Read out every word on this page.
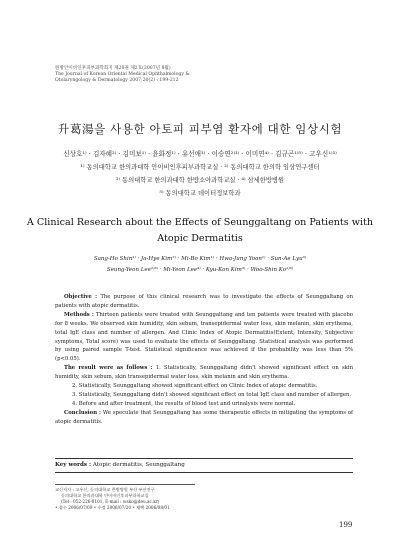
한방안이비인후피부과학회지 제20권 제2호(2007년 8월)
The Journal of Korean Oriental Medical Ophthalmology &
Otolaryngology & Dermatology 2007;20(2) : 199-212
升葛湯을 사용한 아토피 피부염 환자에 대한 임상시험
신상호¹⁾ · 김자혜²⁾ · 김미보¹⁾ · 윤화정¹⁾ · 유선애³⁾ · 이승연²⁾³⁾ · 이미연⁴⁾ · 김규곤¹⁾⁵⁾ · 고우신¹⁾³⁾
¹⁾ 동의대학교 한의과대학 안이비인후피부과학교실 · ²⁾ 동의대학교 한의학 임상연구센터
³⁾ 동의대학교 한의과대학 한방소아과학교실 · ⁴⁾ 삼세한방병원
⁵⁾ 동의대학교 데이터정보학과
A Clinical Research about the Effects of Seunggaltang on Patients with
Atopic Dermatitis
Sang-Ho Shin¹⁾ · Ja-Hye Kim²⁾ · Mi-Bo Kim¹⁾ · Hwa-Jung Yoon¹⁾ · Sun-Ae Lyu³⁾
Seung-Yeon Lee²⁾³⁾ · Mi-Yeon Lee⁴⁾ · Kyu-Kon Kim⁵⁾ · Woo-Shin Ko¹⁾³⁾

Objective : The purpose of this clinical research was to investigate the effects of Seunggaltang on patients with atopic dermatitis.

Methods : Thirteen patients were treated with Seunggaltang and ten patients were treated with placebo for 8 weeks. We observed skin humidity, skin sebum, transepidermal water loss, skin melanin, skin erythema, total IgE class and number of allergen. And Clinic Index of Atopic Dermatitis(Extent, Intensity, Subjective symptoms, Total score) was used to evaluate the effects of Seunggaltang. Statistical analysis was performed by using paired sample T-test. Statistical significance was achieved if the probability was less than 5%(p<0.05).

The result were as follows : 1. Statistically, Seunggaltang didn't showed significant effect on skin humidity, skin sebum, skin transepidermal water loss, skin melanin and skin erythema.

2. Statistically, Seunggaltang showed significant effect on Clinic Index of atopic dermatitis.

3. Statistically, Seunggaltang didn't showed significant effect on total IgE class and number of allergen.

4. Before and after treatment, the results of blood test and urinalysis were normal.

Conclusion : We speculate that Seunggaltang has some therapeutic effects in mitigating the symptoms of atopic dermatitis.

Key words : Atopic dermatitis, Seunggaltang
교신저자 : 고우신, 동의대학교 한방병원 부산 부산진구
동의대학교 한의과대학 안이비인후피부과학교실
(Tel : 052-226-8101, E-mail : wsko@deu.ac.kr)
• 접수 2006/07/09 • 수정 2006/07/20 • 채택 2006/08/01
199
